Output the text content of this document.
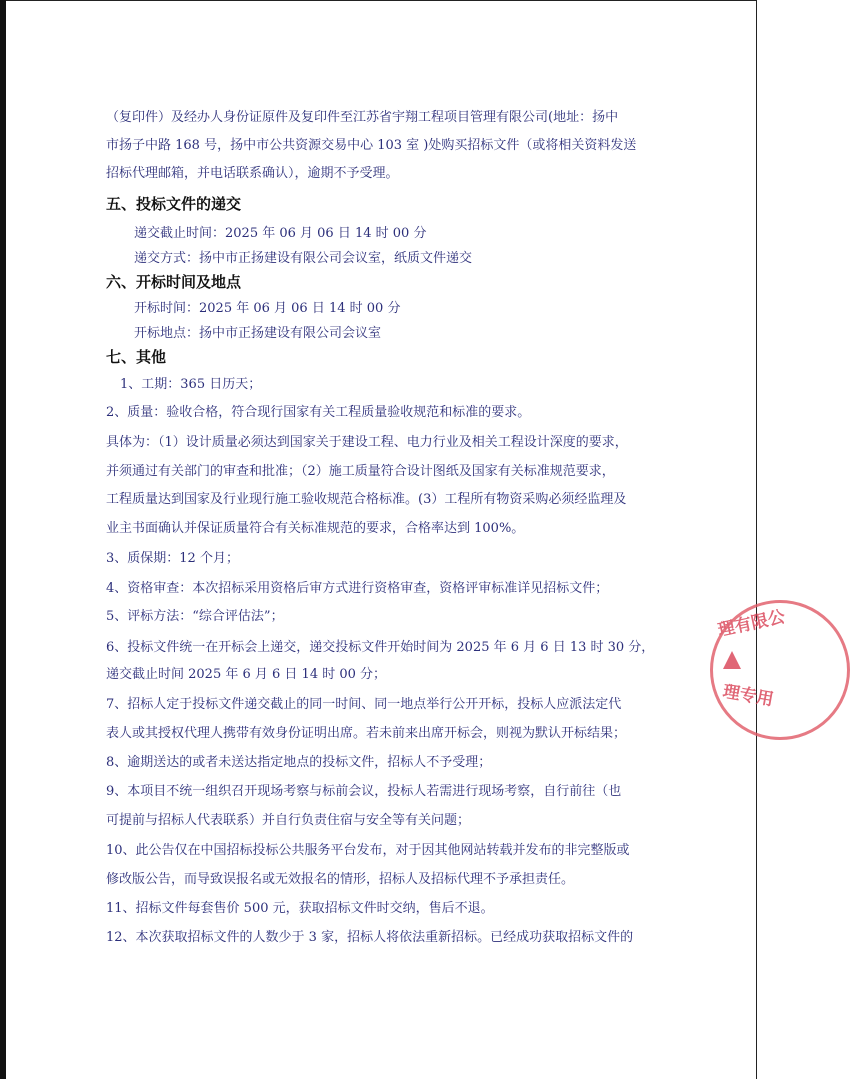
（复印件）及经办人身份证原件及复印件至江苏省宇翔工程项目管理有限公司(地址：扬中
市扬子中路 168 号，扬中市公共资源交易中心 103 室 )处购买招标文件（或将相关资料发送
招标代理邮箱，并电话联系确认），逾期不予受理。
五、投标文件的递交
递交截止时间：2025 年 06 月 06 日 14 时 00 分
递交方式：扬中市正扬建设有限公司会议室，纸质文件递交
六、开标时间及地点
开标时间：2025 年 06 月 06 日 14 时 00 分
开标地点：扬中市正扬建设有限公司会议室
七、其他
1、工期：365 日历天；
2、质量：验收合格，符合现行国家有关工程质量验收规范和标准的要求。
具体为：（1）设计质量必须达到国家关于建设工程、电力行业及相关工程设计深度的要求，
并须通过有关部门的审查和批准；（2）施工质量符合设计图纸及国家有关标准规范要求，
工程质量达到国家及行业现行施工验收规范合格标准。(3）工程所有物资采购必须经监理及
业主书面确认并保证质量符合有关标准规范的要求，合格率达到 100%。
3、质保期：12 个月；
4、资格审查：本次招标采用资格后审方式进行资格审查，资格评审标准详见招标文件；
5、评标方法：“综合评估法”；
6、投标文件统一在开标会上递交，递交投标文件开始时间为 2025 年 6 月 6 日 13 时 30 分，
递交截止时间 2025 年 6 月 6 日 14 时 00 分；
7、招标人定于投标文件递交截止的同一时间、同一地点举行公开开标，投标人应派法定代
表人或其授权代理人携带有效身份证明出席。若未前来出席开标会，则视为默认开标结果；
8、逾期送达的或者未送达指定地点的投标文件，招标人不予受理；
9、本项目不统一组织召开现场考察与标前会议，投标人若需进行现场考察，自行前往（也
可提前与招标人代表联系）并自行负责住宿与安全等有关问题；
10、此公告仅在中国招标投标公共服务平台发布，对于因其他网站转载并发布的非完整版或
修改版公告，而导致误报名或无效报名的情形，招标人及招标代理不予承担责任。
11、招标文件每套售价 500 元，获取招标文件时交纳，售后不退。
12、本次获取招标文件的人数少于 3 家，招标人将依法重新招标。已经成功获取招标文件的
理有限公
理专用
